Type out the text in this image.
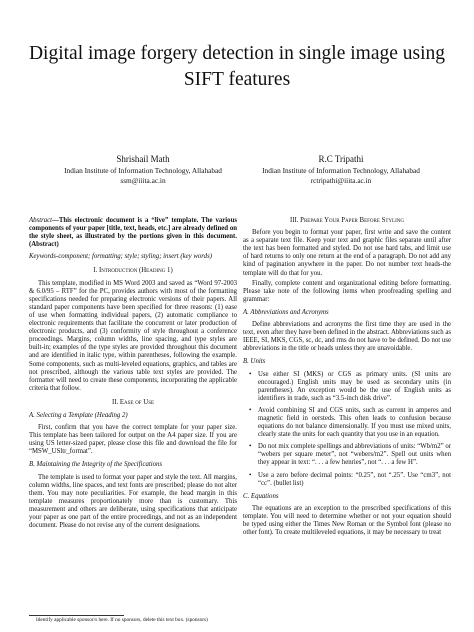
Digital image forgery detection in single image using SIFT features
Shrishail Math
Indian Institute of Information Technology, Allahabad
ssm@iiita.ac.in
R.C Tripathi
Indian Institute of Information Technology, Allahabad
rctripathi@iiita.ac.in

Abstract—This electronic document is a “live” template. The various components of your paper [title, text, heads, etc.] are already defined on the style sheet, as illustrated by the portions given in this document. (Abstract)

Keywords-component; formatting; style; styling; insert (key words)

I. Introduction (Heading 1)

This template, modified in MS Word 2003 and saved as “Word 97-2003 & 6.0/95 – RTF” for the PC, provides authors with most of the formatting specifications needed for preparing electronic versions of their papers. All standard paper components have been specified for three reasons: (1) ease of use when formatting individual papers, (2) automatic compliance to electronic requirements that facilitate the concurrent or later production of electronic products, and (3) conformity of style throughout a conference proceedings. Margins, column widths, line spacing, and type styles are built-in; examples of the type styles are provided throughout this document and are identified in italic type, within parentheses, following the example. Some components, such as multi-leveled equations, graphics, and tables are not prescribed, although the various table text styles are provided. The formatter will need to create these components, incorporating the applicable criteria that follow.

II. Ease of Use

A. Selecting a Template (Heading 2)

First, confirm that you have the correct template for your paper size. This template has been tailored for output on the A4 paper size. If you are using US letter-sized paper, please close this file and download the file for “MSW_USltr_format”.

B. Maintaining the Integrity of the Specifications

The template is used to format your paper and style the text. All margins, column widths, line spaces, and text fonts are prescribed; please do not alter them. You may note peculiarities. For example, the head margin in this template measures proportionately more than is customary. This measurement and others are deliberate, using specifications that anticipate your paper as one part of the entire proceedings, and not as an independent document. Please do not revise any of the current designations.

III. Prepare Your Paper Before Styling

Before you begin to format your paper, first write and save the content as a separate text file. Keep your text and graphic files separate until after the text has been formatted and styled. Do not use hard tabs, and limit use of hard returns to only one return at the end of a paragraph. Do not add any kind of pagination anywhere in the paper. Do not number text heads-the template will do that for you.

Finally, complete content and organizational editing before formatting. Please take note of the following items when proofreading spelling and grammar:

A. Abbreviations and Acronyms

Define abbreviations and acronyms the first time they are used in the text, even after they have been defined in the abstract. Abbreviations such as IEEE, SI, MKS, CGS, sc, dc, and rms do not have to be defined. Do not use abbreviations in the title or heads unless they are unavoidable.

B. Units

• Use either SI (MKS) or CGS as primary units. (SI units are encouraged.) English units may be used as secondary units (in parentheses). An exception would be the use of English units as identifiers in trade, such as “3.5-inch disk drive”.
• Avoid combining SI and CGS units, such as current in amperes and magnetic field in oersteds. This often leads to confusion because equations do not balance dimensionally. If you must use mixed units, clearly state the units for each quantity that you use in an equation.
• Do not mix complete spellings and abbreviations of units: “Wb/m2” or “webers per square meter”, not “webers/m2”. Spell out units when they appear in text: “. . . a few henries”, not “. . . a few H”.
• Use a zero before decimal points: “0.25”, not “.25”. Use “cm3”, not “cc”. (bullet list)

C. Equations

The equations are an exception to the prescribed specifications of this template. You will need to determine whether or not your equation should be typed using either the Times New Roman or the Symbol font (please no other font). To create multileveled equations, it may be necessary to treat

Identify applicable sponsor/s here. If no sponsors, delete this text box. (sponsors)
